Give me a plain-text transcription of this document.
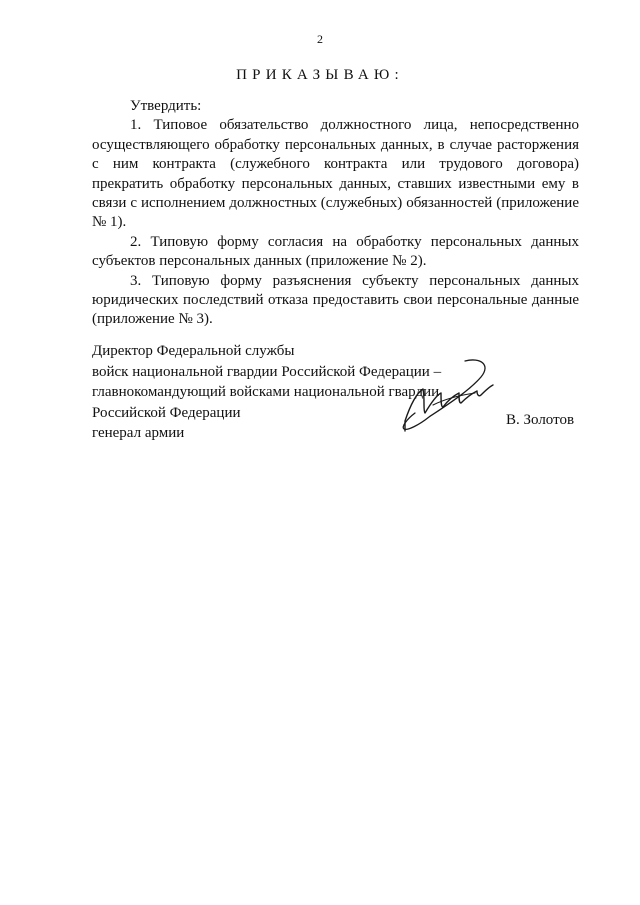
2
ПРИКАЗЫВАЮ:

Утвердить:

1. Типовое обязательство должностного лица, непосредственно осуществляющего обработку персональных данных, в случае расторжения с ним контракта (служебного контракта или трудового договора) прекратить обработку персональных данных, ставших известными ему в связи с исполнением должностных (служебных) обязанностей (приложение № 1).

2. Типовую форму согласия на обработку персональных данных субъектов персональных данных (приложение № 2).

3. Типовую форму разъяснения субъекту персональных данных юридических последствий отказа предоставить свои персональные данные (приложение № 3).

Директор Федеральной службы
войск национальной гвардии Российской Федерации –
главнокомандующий войсками национальной гвардии
Российской Федерации
генерал армии
В. Золотов
